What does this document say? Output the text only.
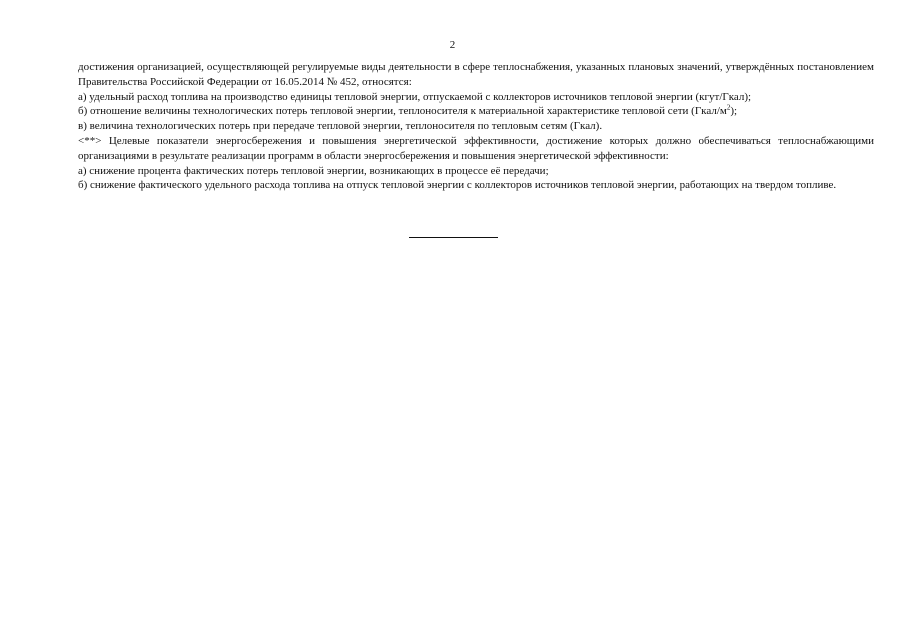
2

достижения организацией, осуществляющей регулируемые виды деятельности в сфере теплоснабжения, указанных плановых значений, утверждённых постановлением Правительства Российской Федерации от 16.05.2014 № 452, относятся:

а) удельный расход топлива на производство единицы тепловой энергии, отпускаемой с коллекторов источников тепловой энергии (кгут/Гкал);

б) отношение величины технологических потерь тепловой энергии, теплоносителя к материальной характеристике тепловой сети $(Гкал/м^2)$;

в) величина технологических потерь при передаче тепловой энергии, теплоносителя по тепловым сетям (Гкал).

<**> Целевые показатели энергосбережения и повышения энергетической эффективности, достижение которых должно обеспечиваться теплоснабжающими организациями в результате реализации программ в области энергосбережения и повышения энергетической эффективности:

а) снижение процента фактических потерь тепловой энергии, возникающих в процессе её передачи;

б) снижение фактического удельного расхода топлива на отпуск тепловой энергии с коллекторов источников тепловой энергии, работающих на твердом топливе.
